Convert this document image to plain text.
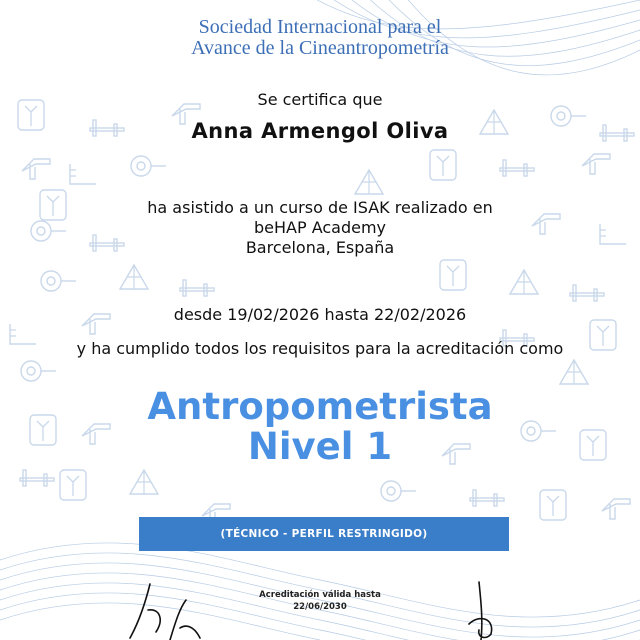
Sociedad Internacional para el
Avance de la Cineantropometría
Se certifica que
Anna Armengol Oliva
ha asistido a un curso de ISAK realizado en
beHAP Academy
Barcelona, España
desde 19/02/2026 hasta 22/02/2026
y ha cumplido todos los requisitos para la acreditación como
Antropometrista
Nivel 1
(TÉCNICO - PERFIL RESTRINGIDO)
Acreditación válida hasta
22/06/2030
